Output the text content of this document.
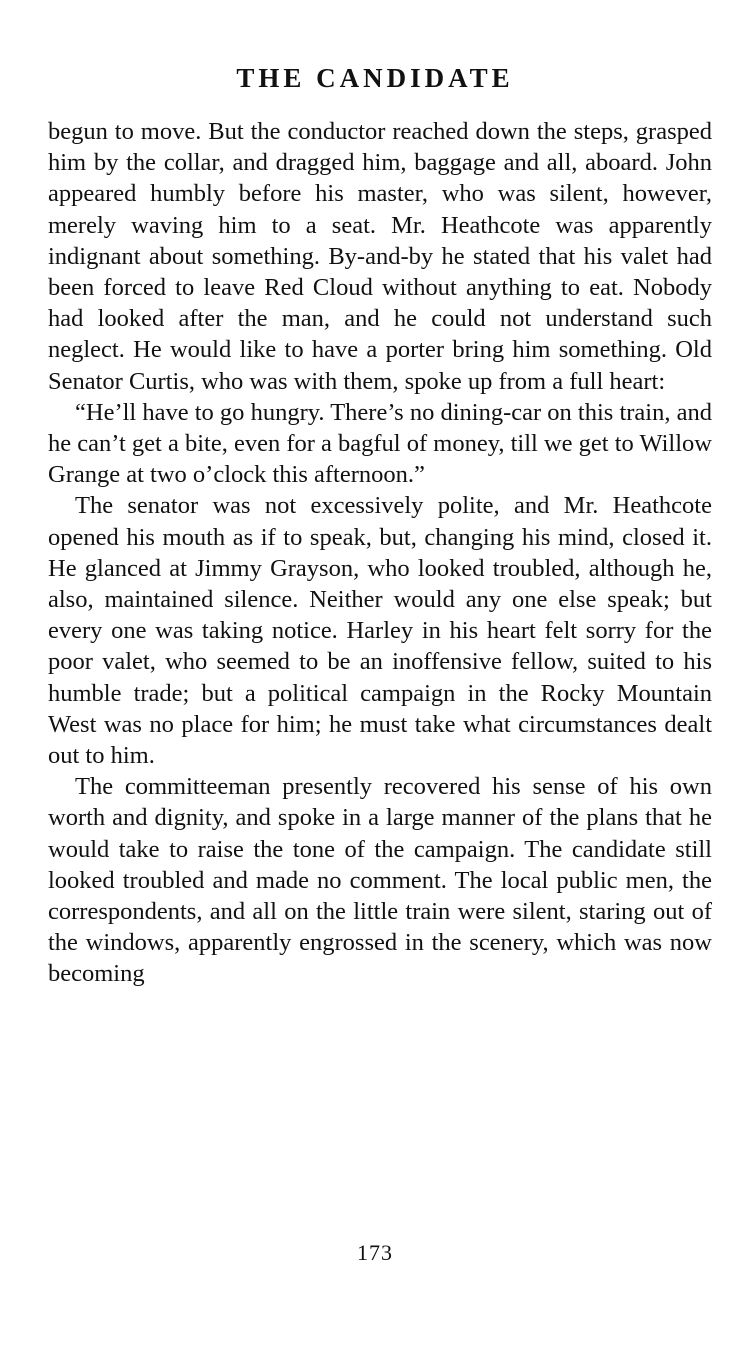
THE CANDIDATE

begun to move. But the conductor reached down the steps, grasped him by the collar, and dragged him, baggage and all, aboard. John appeared humbly before his master, who was silent, however, merely waving him to a seat. Mr. Heathcote was apparently indignant about something. By-and-by he stated that his valet had been forced to leave Red Cloud without anything to eat. Nobody had looked after the man, and he could not understand such neglect. He would like to have a porter bring him something. Old Senator Curtis, who was with them, spoke up from a full heart:

“He’ll have to go hungry. There’s no dining-car on this train, and he can’t get a bite, even for a bagful of money, till we get to Willow Grange at two o’clock this afternoon.”

The senator was not excessively polite, and Mr. Heathcote opened his mouth as if to speak, but, changing his mind, closed it. He glanced at Jimmy Grayson, who looked troubled, although he, also, maintained silence. Neither would any one else speak; but every one was taking notice. Harley in his heart felt sorry for the poor valet, who seemed to be an inoffensive fellow, suited to his humble trade; but a political campaign in the Rocky Mountain West was no place for him; he must take what circumstances dealt out to him.

The committeeman presently recovered his sense of his own worth and dignity, and spoke in a large manner of the plans that he would take to raise the tone of the campaign. The candidate still looked troubled and made no comment. The local public men, the correspondents, and all on the little train were silent, staring out of the windows, apparently engrossed in the scenery, which was now becoming

173
